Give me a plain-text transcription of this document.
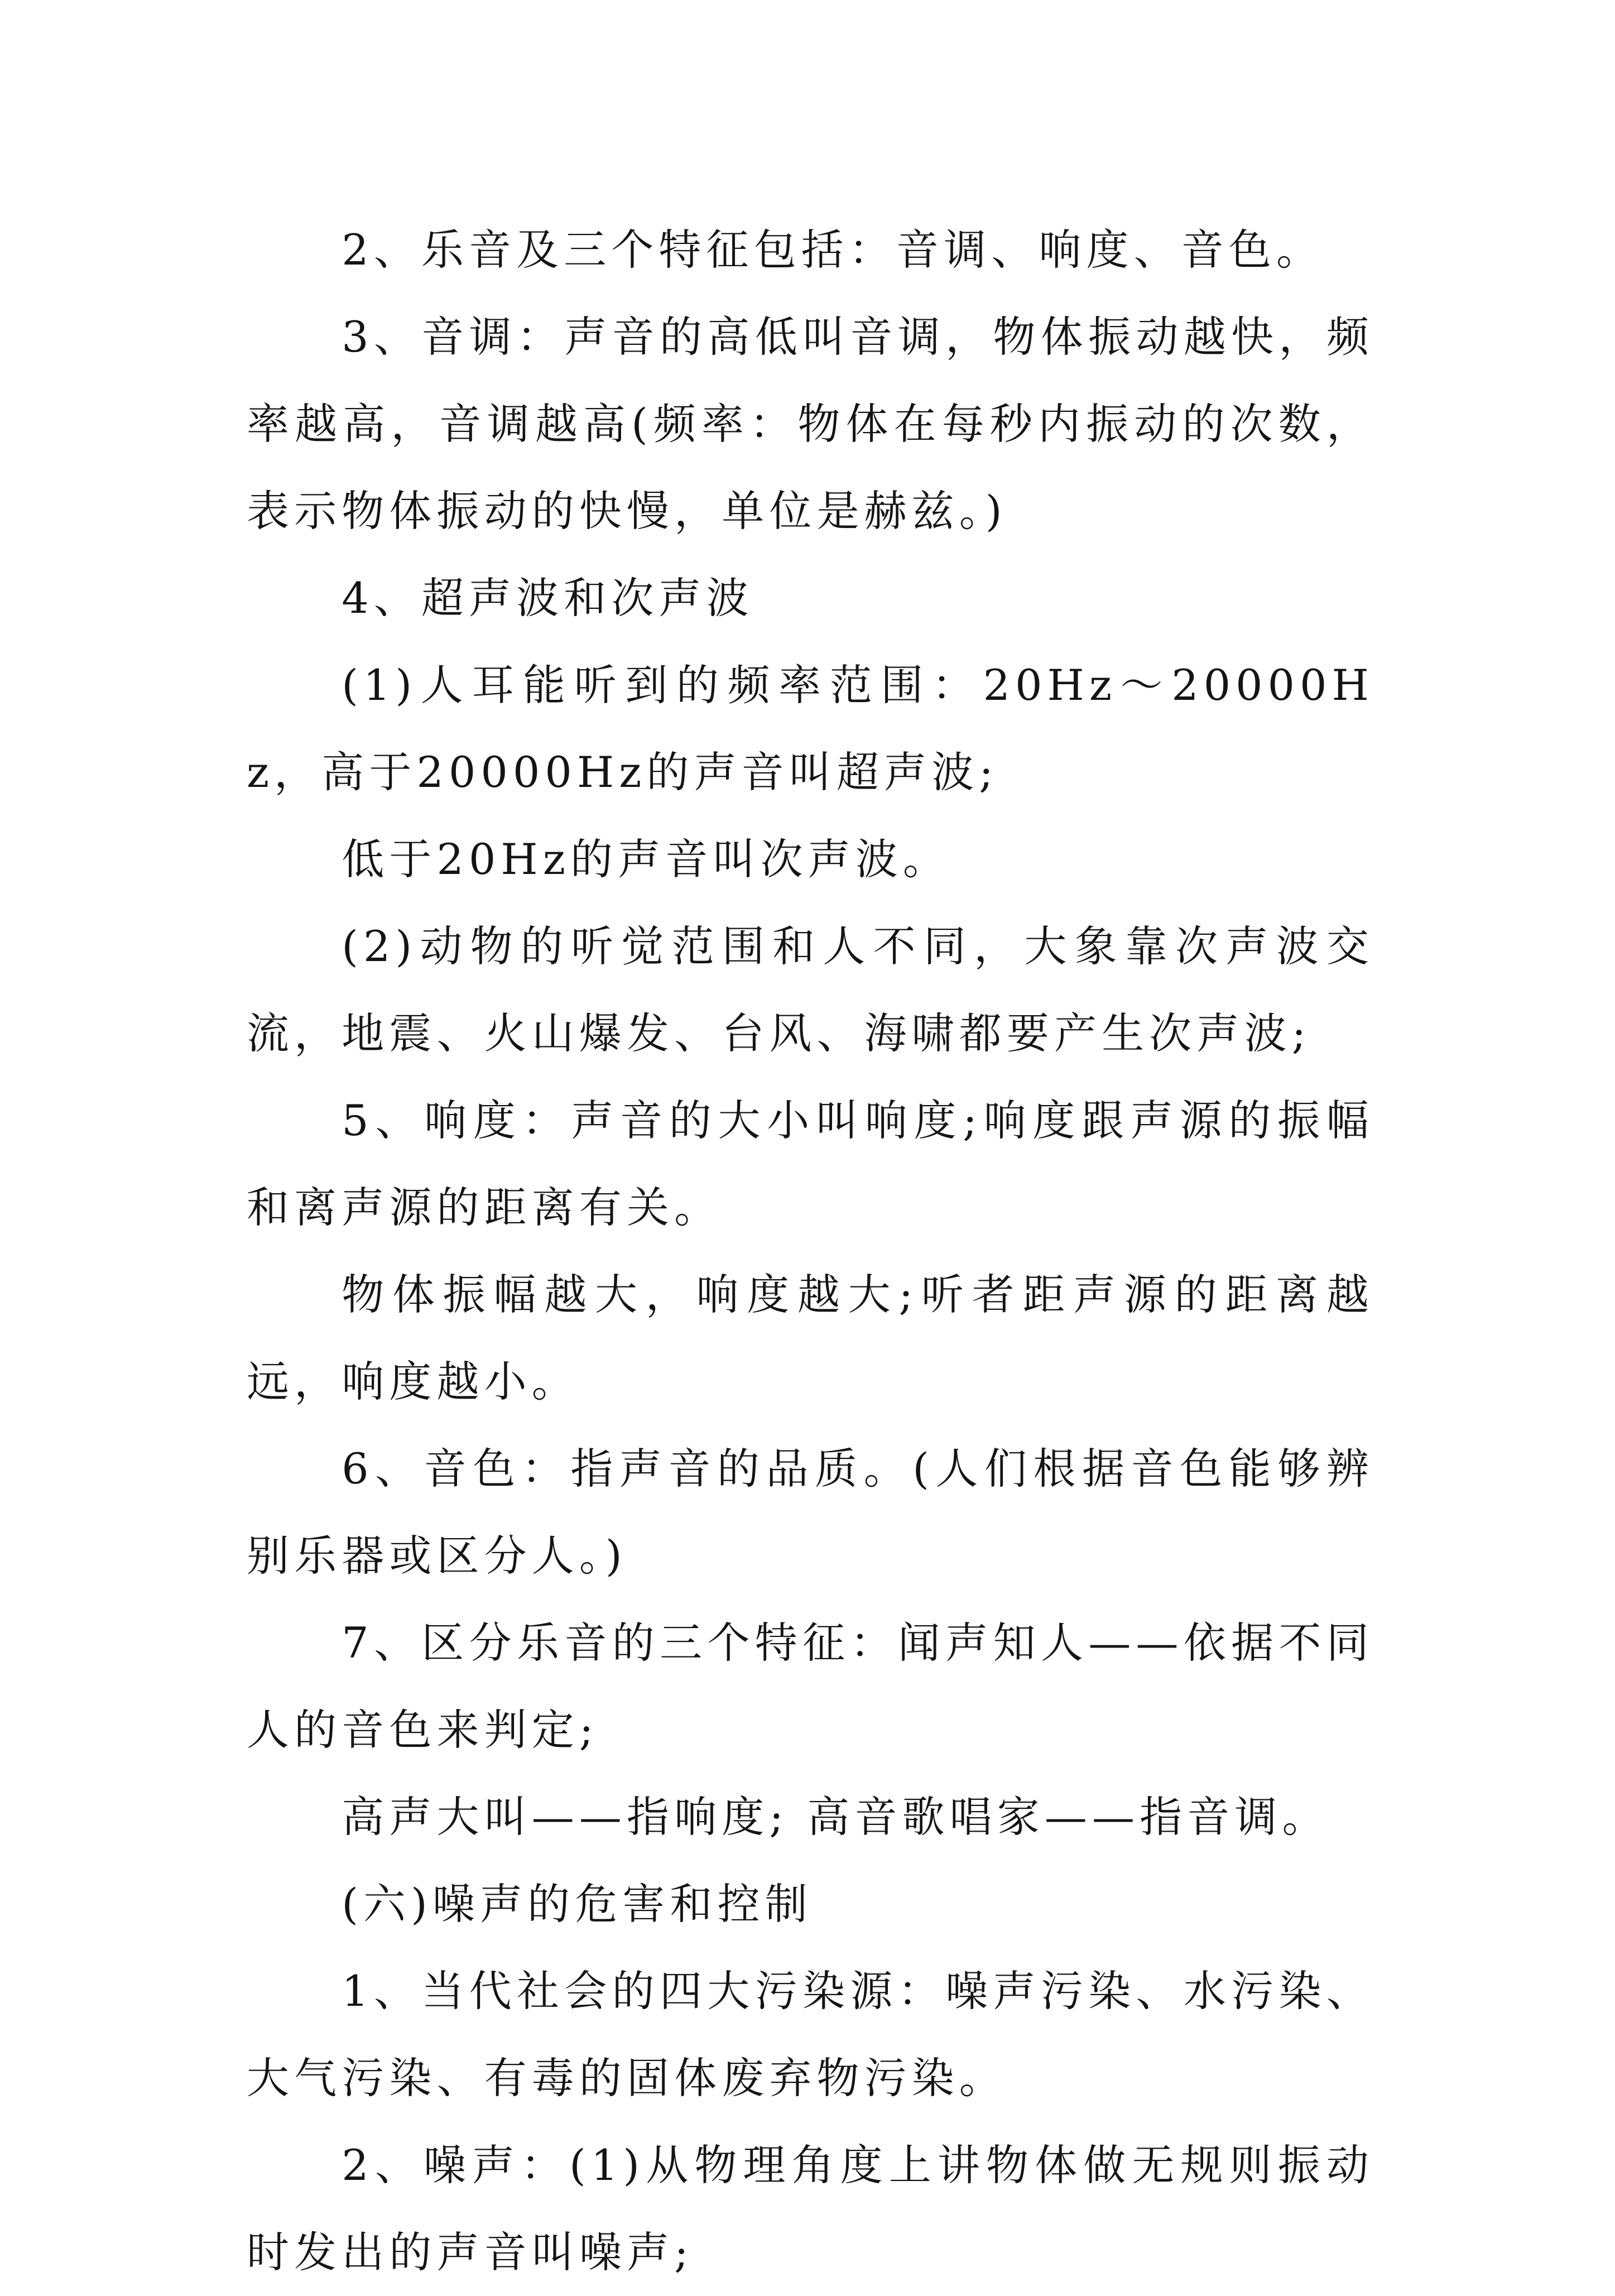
2、乐音及三个特征包括：音调、响度、音色。

3、音调：声音的高低叫音调，物体振动越快，频率越高，音调越高(频率：物体在每秒内振动的次数，表示物体振动的快慢，单位是赫兹。)

4、超声波和次声波

(1)人耳能听到的频率范围：20Hz～20000Hz，高于20000Hz的声音叫超声波;

低于20Hz的声音叫次声波。

(2)动物的听觉范围和人不同，大象靠次声波交流，地震、火山爆发、台风、海啸都要产生次声波;

5、响度：声音的大小叫响度;响度跟声源的振幅和离声源的距离有关。

物体振幅越大，响度越大;听者距声源的距离越远，响度越小。

6、音色：指声音的品质。(人们根据音色能够辨别乐器或区分人。)

7、区分乐音的三个特征：闻声知人——依据不同人的音色来判定;

高声大叫——指响度; 高音歌唱家——指音调。

(六)噪声的危害和控制

1、当代社会的四大污染源：噪声污染、水污染、大气污染、有毒的固体废弃物污染。

2、噪声：(1)从物理角度上讲物体做无规则振动时发出的声音叫噪声;
